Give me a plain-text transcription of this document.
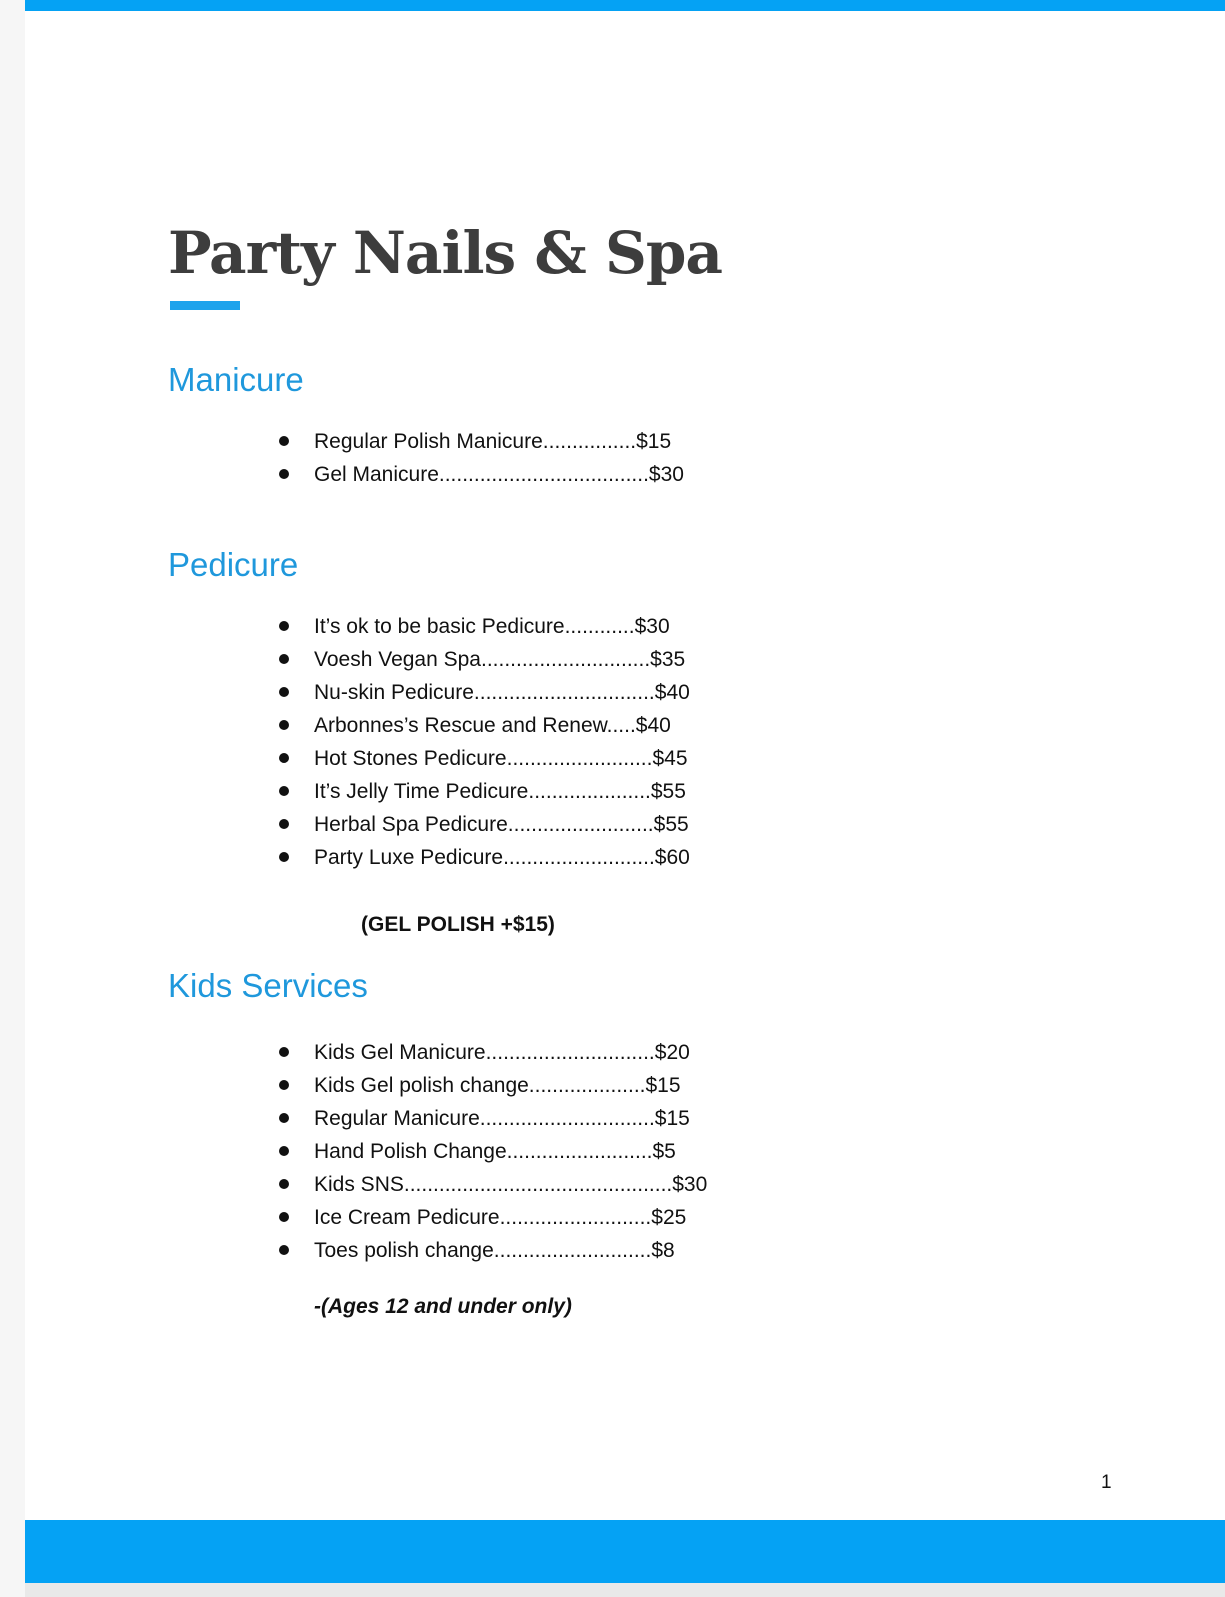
Party Nails & Spa
Manicure
Regular Polish Manicure................$15
Gel Manicure....................................$30
Pedicure
It’s ok to be basic Pedicure............$30
Voesh Vegan Spa.............................$35
Nu-skin Pedicure...............................$40
Arbonnes’s Rescue and Renew.....$40
Hot Stones Pedicure.........................$45
It’s Jelly Time Pedicure.....................$55
Herbal Spa Pedicure.........................$55
Party Luxe Pedicure..........................$60

(GEL POLISH +$15)

Kids Services
Kids Gel Manicure.............................$20
Kids Gel polish change....................$15
Regular Manicure..............................$15
Hand Polish Change.........................$5
Kids SNS..............................................$30
Ice Cream Pedicure..........................$25
Toes polish change...........................$8

-(Ages 12 and under only)

1
